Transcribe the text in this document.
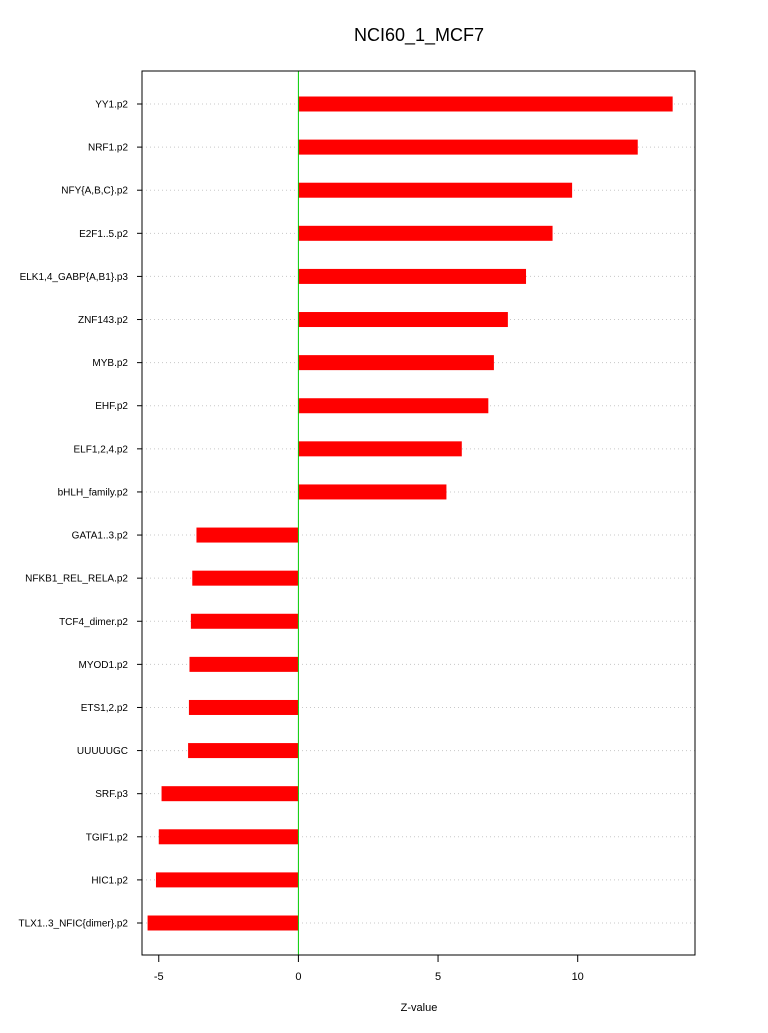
NCI60_1_MCF7
YY1.p2
NRF1.p2
NFY{A,B,C}.p2
E2F1..5.p2
ELK1,4_GABP{A,B1}.p3
ZNF143.p2
MYB.p2
EHF.p2
ELF1,2,4.p2
bHLH_family.p2
GATA1..3.p2
NFKB1_REL_RELA.p2
TCF4_dimer.p2
MYOD1.p2
ETS1,2.p2
UUUUUGC
SRF.p3
TGIF1.p2
HIC1.p2
TLX1..3_NFIC{dimer}.p2
-5	0	5	10
Z-value
